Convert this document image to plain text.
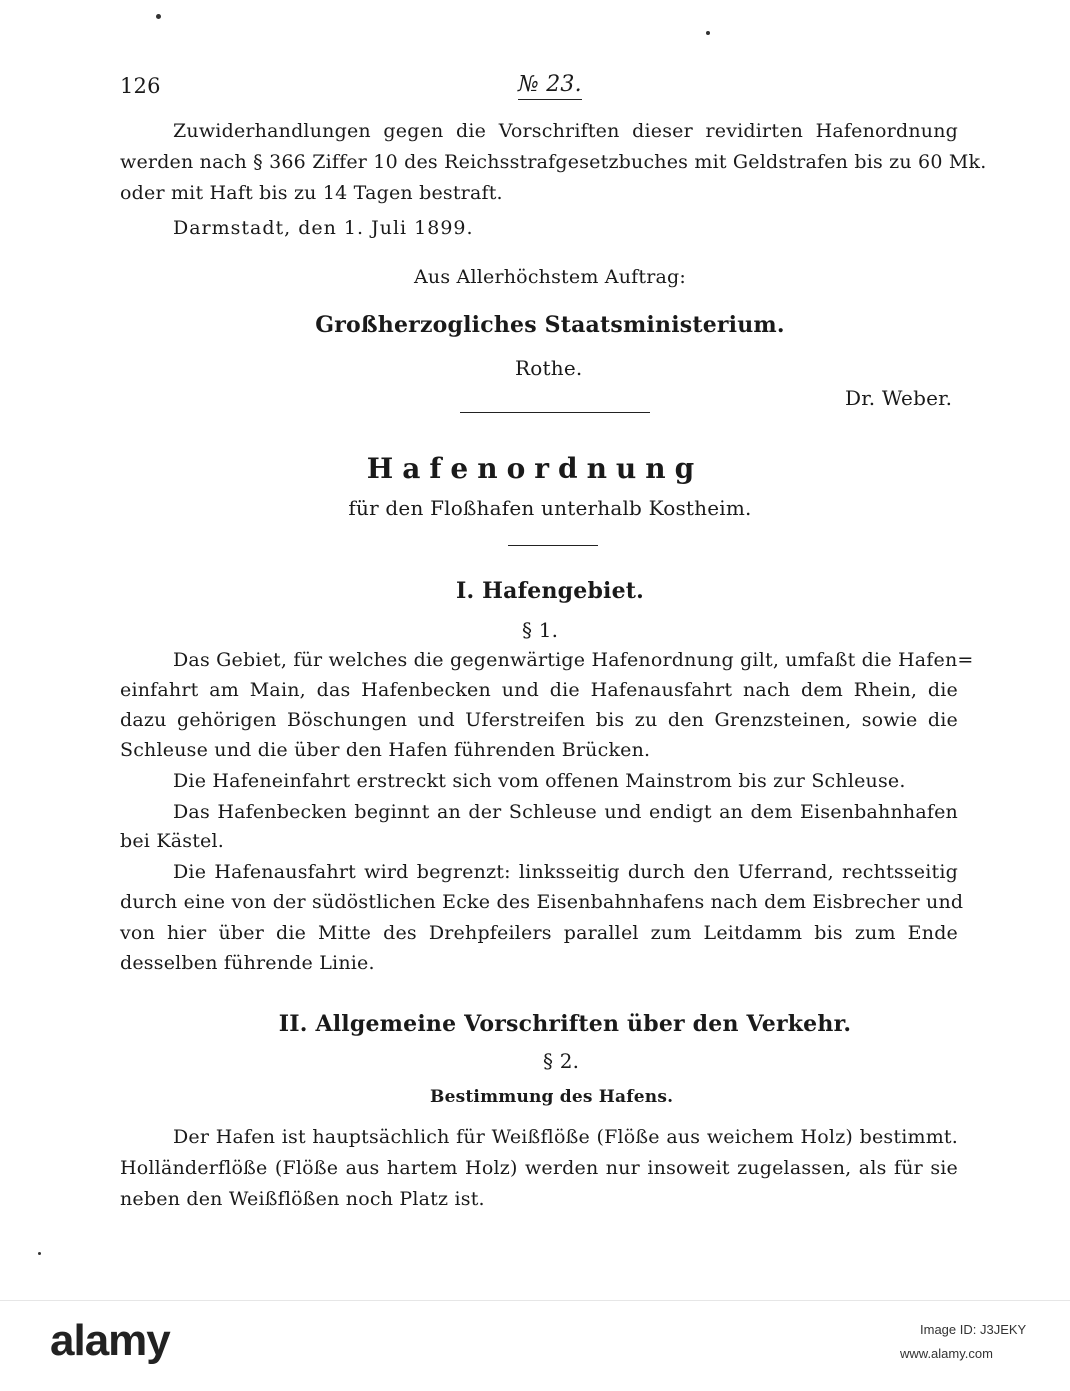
126	№ 23.
Zuwiderhandlungen gegen die Vorschriften dieser revidirten Hafenordnung
werden nach § 366 Ziffer 10 des Reichsstrafgesetzbuches mit Geldstrafen bis zu 60 Mk.
oder mit Haft bis zu 14 Tagen bestraft.
Darmstadt, den 1. Juli 1899.
Aus Allerhöchstem Auftrag:
Großherzogliches Staatsministerium.
Rothe.
Dr. Weber.
Hafenordnung
für den Floßhafen unterhalb Kostheim.
I. Hafengebiet.
§ 1.
Das Gebiet, für welches die gegenwärtige Hafenordnung gilt, umfaßt die Hafen=
einfahrt am Main, das Hafenbecken und die Hafenausfahrt nach dem Rhein, die
dazu gehörigen Böschungen und Uferstreifen bis zu den Grenzsteinen, sowie die
Schleuse und die über den Hafen führenden Brücken.
Die Hafeneinfahrt erstreckt sich vom offenen Mainstrom bis zur Schleuse.
Das Hafenbecken beginnt an der Schleuse und endigt an dem Eisenbahnhafen
bei Kästel.
Die Hafenausfahrt wird begrenzt: linksseitig durch den Uferrand, rechtsseitig
durch eine von der südöstlichen Ecke des Eisenbahnhafens nach dem Eisbrecher und
von hier über die Mitte des Drehpfeilers parallel zum Leitdamm bis zum Ende
desselben führende Linie.
II. Allgemeine Vorschriften über den Verkehr.
§ 2.
Bestimmung des Hafens.
Der Hafen ist hauptsächlich für Weißflöße (Flöße aus weichem Holz) bestimmt.
Holländerflöße (Flöße aus hartem Holz) werden nur insoweit zugelassen, als für sie
neben den Weißflößen noch Platz ist.
alamy	Image ID: J3JEKY
www.alamy.com
